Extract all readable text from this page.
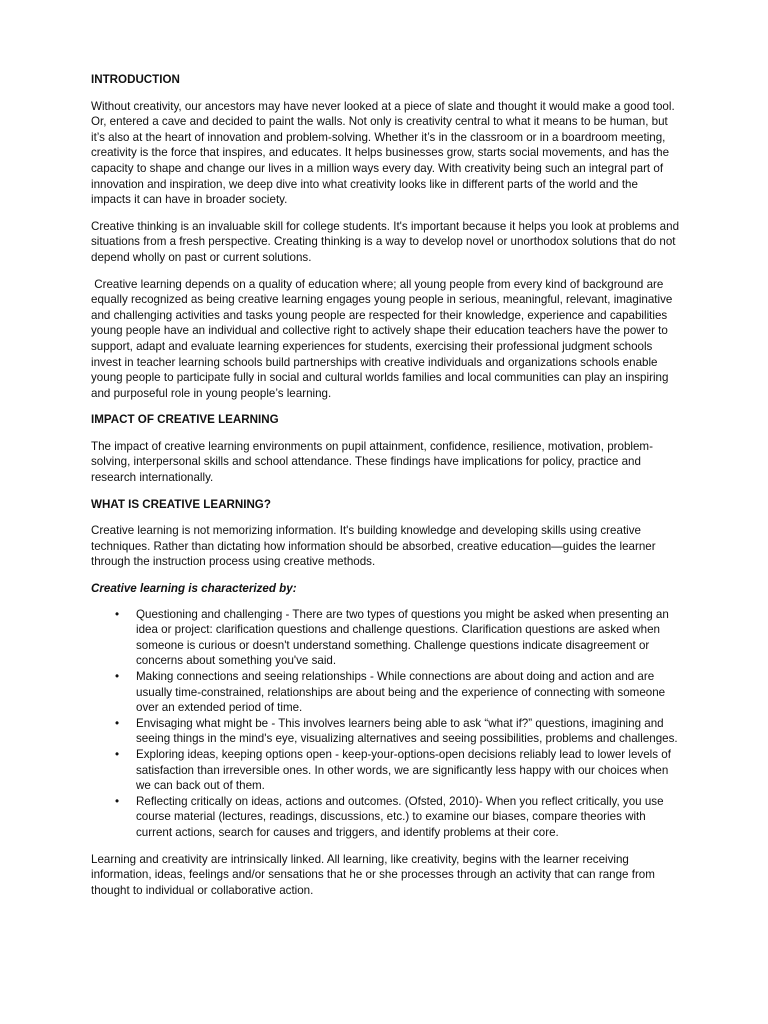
INTRODUCTION

Without creativity, our ancestors may have never looked at a piece of slate and thought it would make a good tool. Or, entered a cave and decided to paint the walls. Not only is creativity central to what it means to be human, but it’s also at the heart of innovation and problem-solving. Whether it’s in the classroom or in a boardroom meeting, creativity is the force that inspires, and educates. It helps businesses grow, starts social movements, and has the capacity to shape and change our lives in a million ways every day. With creativity being such an integral part of innovation and inspiration, we deep dive into what creativity looks like in different parts of the world and the impacts it can have in broader society.

Creative thinking is an invaluable skill for college students. It's important because it helps you look at problems and situations from a fresh perspective. Creating thinking is a way to develop novel or unorthodox solutions that do not depend wholly on past or current solutions.

Creative learning depends on a quality of education where; all young people from every kind of background are equally recognized as being creative learning engages young people in serious, meaningful, relevant, imaginative and challenging activities and tasks young people are respected for their knowledge, experience and capabilities young people have an individual and collective right to actively shape their education teachers have the power to support, adapt and evaluate learning experiences for students, exercising their professional judgment schools invest in teacher learning schools build partnerships with creative individuals and organizations schools enable young people to participate fully in social and cultural worlds families and local communities can play an inspiring and purposeful role in young people’s learning.

IMPACT OF CREATIVE LEARNING

The impact of creative learning environments on pupil attainment, confidence, resilience, motivation, problem-solving, interpersonal skills and school attendance. These findings have implications for policy, practice and research internationally.

WHAT IS CREATIVE LEARNING?

Creative learning is not memorizing information. It's building knowledge and developing skills using creative techniques. Rather than dictating how information should be absorbed, creative education—guides the learner through the instruction process using creative methods.

Creative learning is characterized by:

• Questioning and challenging - There are two types of questions you might be asked when presenting an idea or project: clarification questions and challenge questions. Clarification questions are asked when someone is curious or doesn't understand something. Challenge questions indicate disagreement or concerns about something you've said.
• Making connections and seeing relationships - While connections are about doing and action and are usually time-constrained, relationships are about being and the experience of connecting with someone over an extended period of time.
• Envisaging what might be - This involves learners being able to ask “what if?” questions, imagining and seeing things in the mind's eye, visualizing alternatives and seeing possibilities, problems and challenges.
• Exploring ideas, keeping options open - keep-your-options-open decisions reliably lead to lower levels of satisfaction than irreversible ones. In other words, we are significantly less happy with our choices when we can back out of them.
• Reflecting critically on ideas, actions and outcomes. (Ofsted, 2010)- When you reflect critically, you use course material (lectures, readings, discussions, etc.) to examine our biases, compare theories with current actions, search for causes and triggers, and identify problems at their core.

Learning and creativity are intrinsically linked. All learning, like creativity, begins with the learner receiving information, ideas, feelings and/or sensations that he or she processes through an activity that can range from thought to individual or collaborative action.
